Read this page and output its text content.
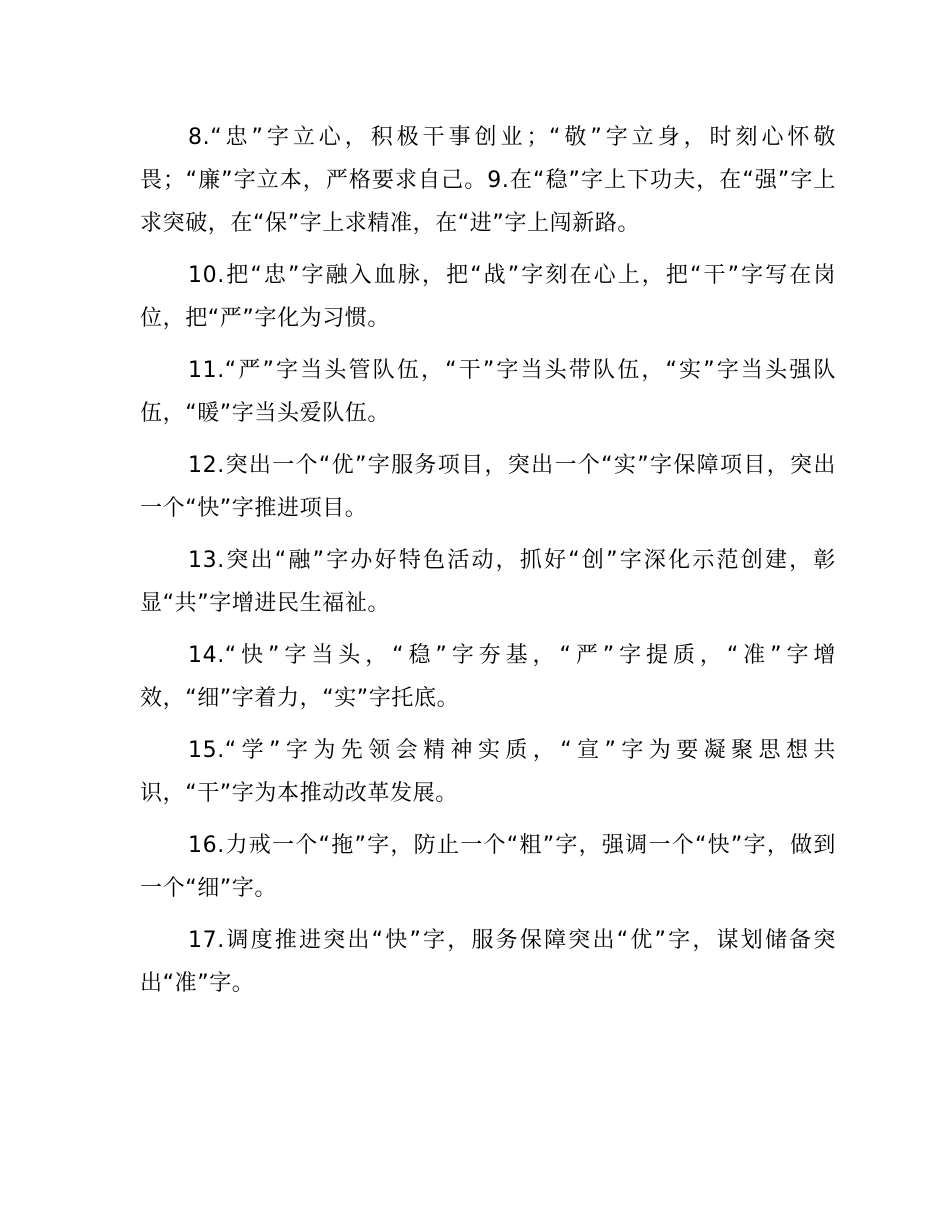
8.“忠”字立心，积极干事创业；“敬”字立身，时刻心怀敬畏；“廉”字立本，严格要求自己。9.在“稳”字上下功夫，在“强”字上求突破，在“保”字上求精准，在“进”字上闯新路。

10.把“忠”字融入血脉，把“战”字刻在心上，把“干”字写在岗位，把“严”字化为习惯。

11.“严”字当头管队伍，“干”字当头带队伍，“实”字当头强队伍，“暖”字当头爱队伍。

12.突出一个“优”字服务项目，突出一个“实”字保障项目，突出一个“快”字推进项目。

13.突出“融”字办好特色活动，抓好“创”字深化示范创建，彰显“共”字增进民生福祉。

14.“快”字当头，“稳”字夯基，“严”字提质，“准”字增效，“细”字着力，“实”字托底。

15.“学”字为先领会精神实质，“宣”字为要凝聚思想共识，“干”字为本推动改革发展。

16.力戒一个“拖”字，防止一个“粗”字，强调一个“快”字，做到一个“细”字。

17.调度推进突出“快”字，服务保障突出“优”字，谋划储备突出“准”字。
